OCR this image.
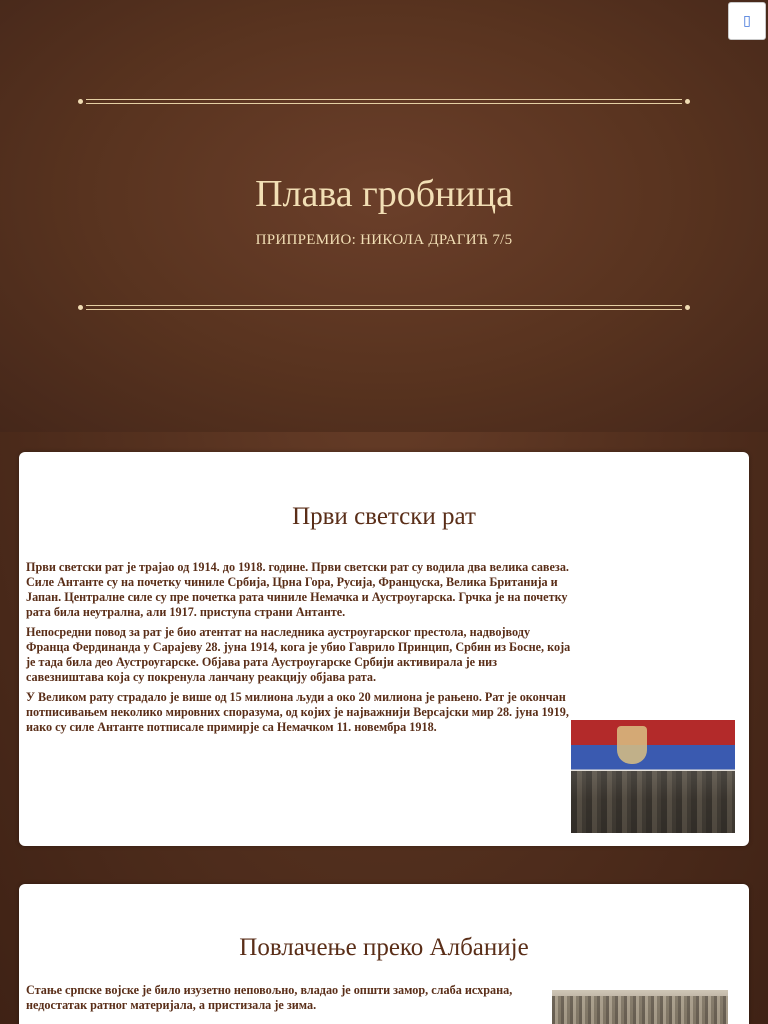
Плава гробница
ПРИПРЕМИО: НИКОЛА ДРАГИЋ 7/5
▯
Први светски рат

Први светски рат је трајао од 1914. до 1918. године. Први светски рат су водила два велика савеза. Силе Антанте су на почетку чиниле Србија, Црна Гора, Русија, Француска, Велика Британија и Јапан. Централне силе су пре почетка рата чиниле Немачка и Аустроугарска. Грчка је на почетку рата била неутрална, али 1917. приступа страни Антанте.

Непосредни повод за рат је био атентат на наследника аустроугарског престола, надвојводу Франца Фердинанда у Сарајеву 28. јуна 1914, кога је убио Гаврило Принцип, Србин из Босне, која је тада била део Аустроугарске. Објава рата Аустроугарске Србији активирала је низ савезништава која су покренула ланчану реакцију објава рата.

У Великом рату страдало је више од 15 милиона људи а око 20 милиона је рањено. Рат је окончан потписивањем неколико мировних споразума, од којих је најважнији Версајски мир 28. јуна 1919, иако су силе Антанте потписале примирје са Немачком 11. новембра 1918.

Повлачење преко Албаније

Стање српске војске је било изузетно неповољно, владао је општи замор, слаба исхрана, недостатак ратног материјала, а пристизала је зима.
